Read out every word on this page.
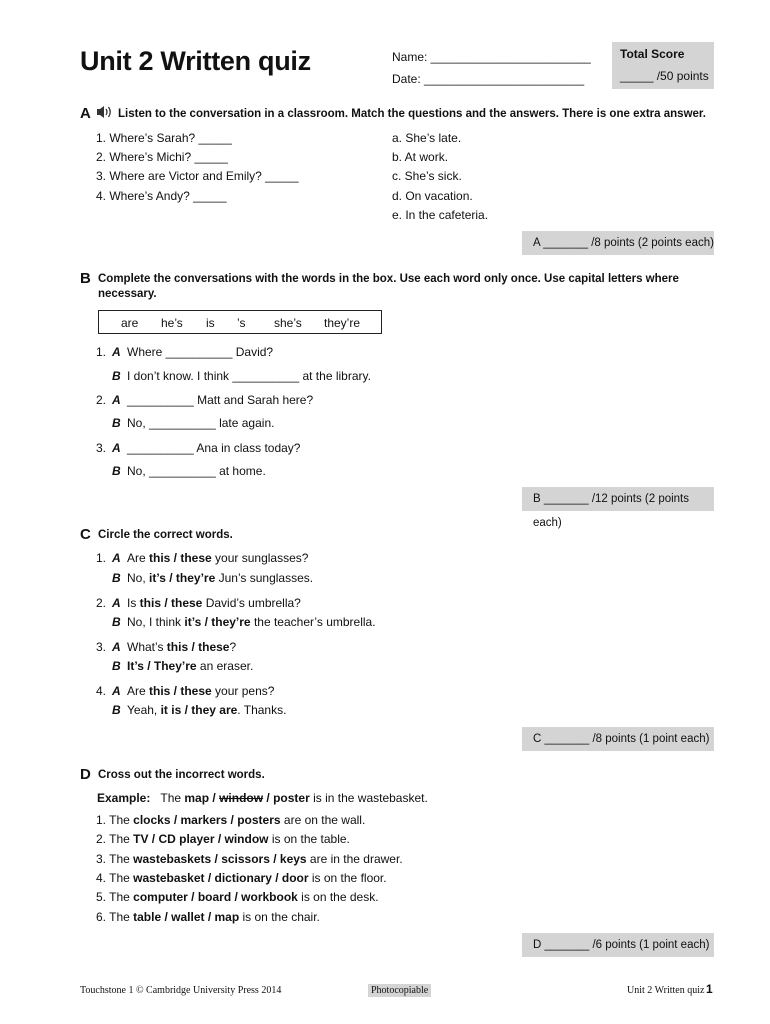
Unit 2 Written quiz	Name: ________________________
Date: ________________________
Total Score
_____ /50 points
A Listen to the conversation in a classroom. Match the questions and the answers. There is one extra answer.
1. Where’s Sarah? _____
2. Where’s Michi? _____
3. Where are Victor and Emily? _____
4. Where’s Andy? _____
a. She’s late.
b. At work.
c. She’s sick.
d. On vacation.
e. In the cafeteria.
A _______ /8 points (2 points each)
B Complete the conversations with the words in the box. Use each word only once. Use capital letters where
necessary.
are he’s is ’s she’s they’re
1. A Where __________ David?
B I don’t know. I think __________ at the library.
2. A __________ Matt and Sarah here?
B No, __________ late again.
3. A __________ Ana in class today?
B No, __________ at home.
B _______ /12 points (2 points each)
C Circle the correct words.
1. A Are this / these your sunglasses?
B No, it’s / they’re Jun’s sunglasses.
2. A Is this / these David’s umbrella?
B No, I think it’s / they’re the teacher’s umbrella.
3. A What’s this / these?
B It’s / They’re an eraser.
4. A Are this / these your pens?
B Yeah, it is / they are. Thanks.
C _______ /8 points (1 point each)
D Cross out the incorrect words.
Example: The map / window / poster is in the wastebasket.
1. The clocks / markers / posters are on the wall.
2. The TV / CD player / window is on the table.
3. The wastebaskets / scissors / keys are in the drawer.
4. The wastebasket / dictionary / door is on the floor.
5. The computer / board / workbook is on the desk.
6. The table / wallet / map is on the chair.
D _______ /6 points (1 point each)
Touchstone 1 © Cambridge University Press 2014	Photocopiable	Unit 2 Written quiz 1
